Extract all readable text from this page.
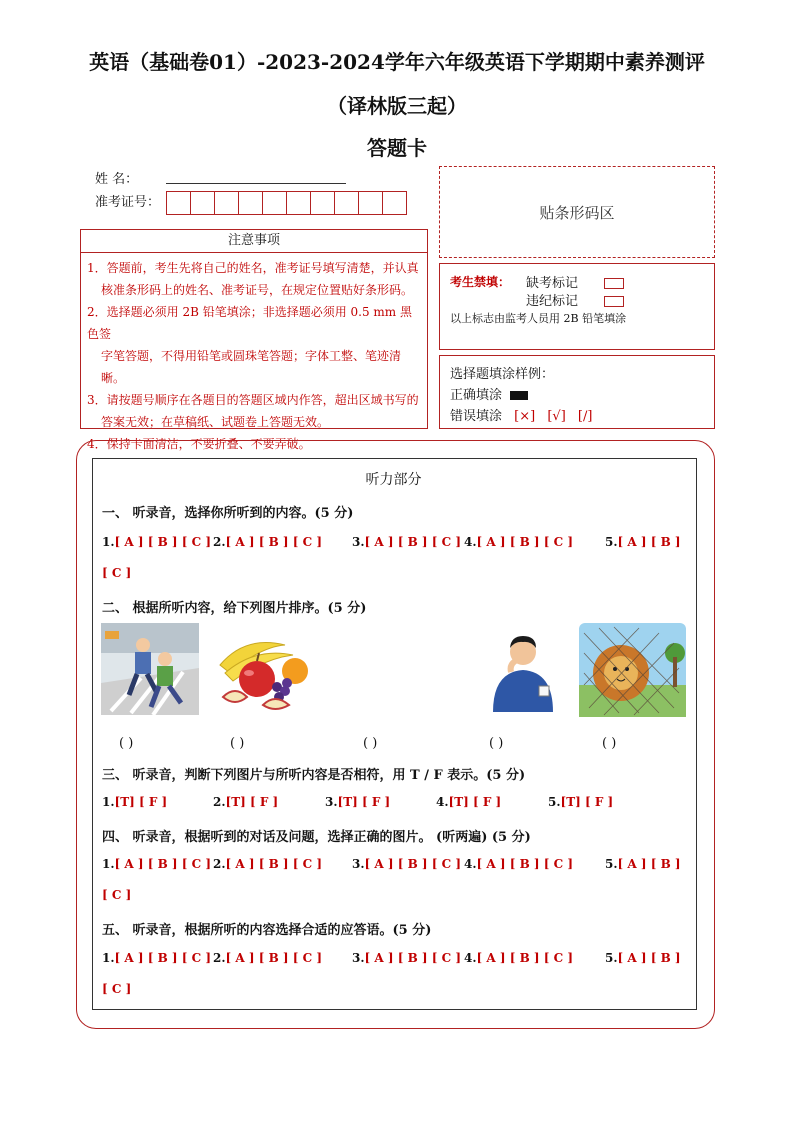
英语（基础卷01）-2023-2024学年六年级英语下学期期中素养测评
（译林版三起）
答题卡
姓 名：
准考证号：
贴条形码区
注意事项

1．答题前，考生先将自己的姓名，准考证号填写清楚，并认真

核准条形码上的姓名、准考证号，在规定位置贴好条形码。

2．选择题必须用 2B 铅笔填涂；非选择题必须用 0.5 mm 黑色签

字笔答题，不得用铅笔或圆珠笔答题；字体工整、笔迹清晰。

3．请按题号顺序在各题目的答题区域内作答，超出区域书写的

答案无效；在草稿纸、试题卷上答题无效。

4．保持卡面清洁，不要折叠、不要弄破。

考生禁填： 缺考标记
违纪标记
以上标志由监考人员用 2B 铅笔填涂
选择题填涂样例：
正确填涂
错误填涂 [×] [√] [/]
听力部分
一、 听录音，选择你所听到的内容。(5 分)
1.[ A ] [ B ] [ C ] 2.[ A ] [ B ] [ C ] 3.[ A ] [ B ] [ C ] 4.[ A ] [ B ] [ C ]	5.[ A ] [ B ]
[ C ]
二、 根据所听内容，给下列图片排序。(5 分)
( )	( )	( )	( )	( )
三、 听录音，判断下列图片与所听内容是否相符，用 T / F 表示。(5 分)
1.[T] [ F ]	2.[T] [ F ]	3.[T] [ F ]	4.[T] [ F ]	5.[T] [ F ]
四、 听录音，根据听到的对话及问题，选择正确的图片。 (听两遍) (5 分)
1.[ A ] [ B ] [ C ] 2.[ A ] [ B ] [ C ] 3.[ A ] [ B ] [ C ] 4.[ A ] [ B ] [ C ]	5.[ A ] [ B ]
[ C ]
五、 听录音，根据所听的内容选择合适的应答语。(5 分)
1.[ A ] [ B ] [ C ] 2.[ A ] [ B ] [ C ] 3.[ A ] [ B ] [ C ] 4.[ A ] [ B ] [ C ]	5.[ A ] [ B ]
[ C ]
